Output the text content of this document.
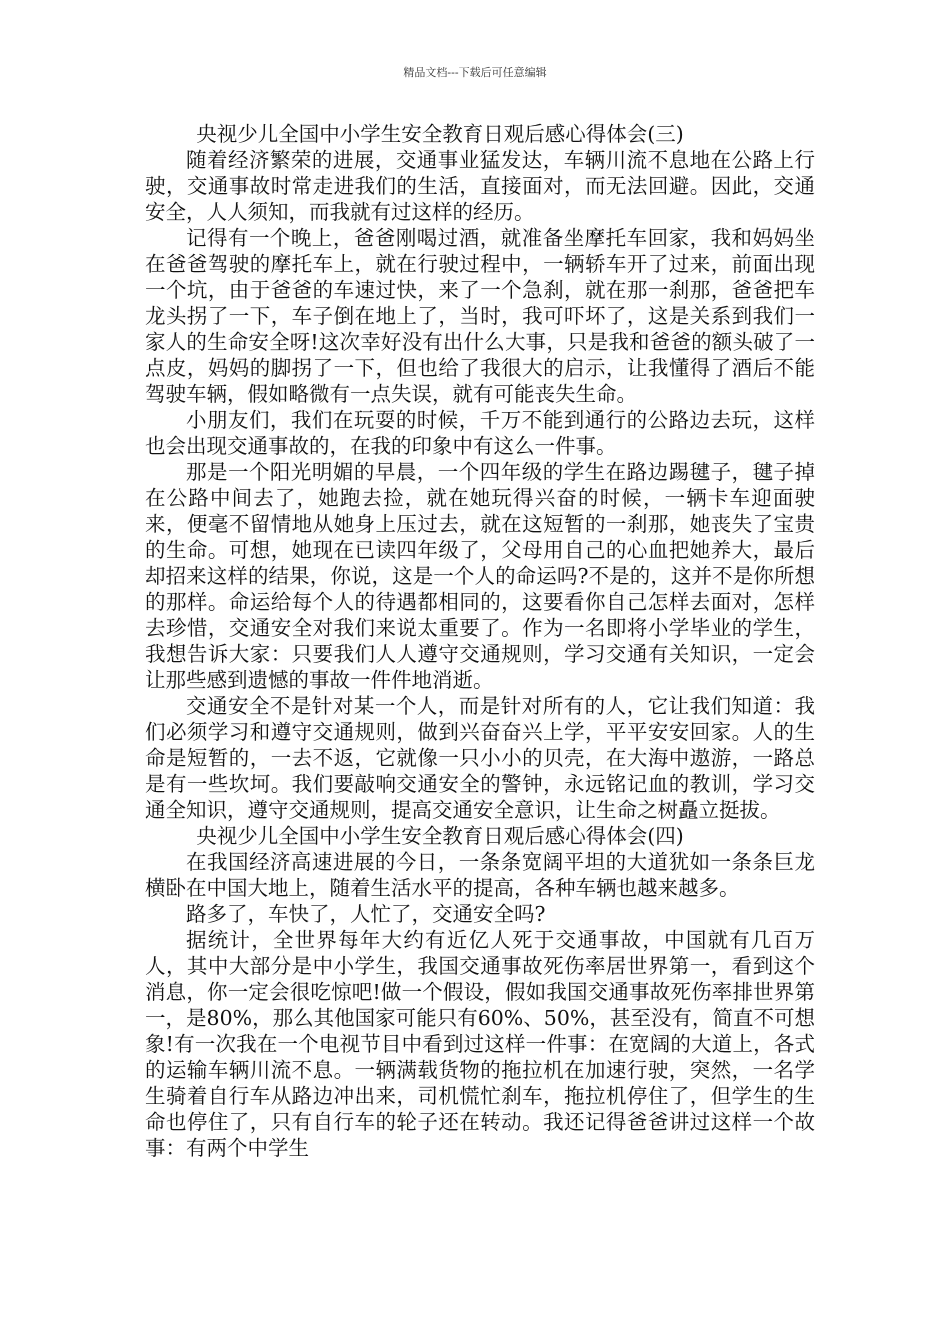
精品文档---下载后可任意编辑

央视少儿全国中小学生安全教育日观后感心得体会(三)

随着经济繁荣的进展，交通事业猛发达，车辆川流不息地在公路上行驶，交通事故时常走进我们的生活，直接面对，而无法回避。因此，交通安全，人人须知，而我就有过这样的经历。

记得有一个晚上，爸爸刚喝过酒，就准备坐摩托车回家，我和妈妈坐在爸爸驾驶的摩托车上，就在行驶过程中，一辆轿车开了过来，前面出现一个坑，由于爸爸的车速过快，来了一个急刹，就在那一刹那，爸爸把车龙头拐了一下，车子倒在地上了，当时，我可吓坏了，这是关系到我们一家人的生命安全呀!这次幸好没有出什么大事，只是我和爸爸的额头破了一点皮，妈妈的脚拐了一下，但也给了我很大的启示，让我懂得了酒后不能驾驶车辆，假如略微有一点失误，就有可能丧失生命。

小朋友们，我们在玩耍的时候，千万不能到通行的公路边去玩，这样也会出现交通事故的，在我的印象中有这么一件事。

那是一个阳光明媚的早晨，一个四年级的学生在路边踢毽子，毽子掉在公路中间去了，她跑去捡，就在她玩得兴奋的时候，一辆卡车迎面驶来，便毫不留情地从她身上压过去，就在这短暂的一刹那，她丧失了宝贵的生命。可想，她现在已读四年级了，父母用自己的心血把她养大，最后却招来这样的结果，你说，这是一个人的命运吗?不是的，这并不是你所想的那样。命运给每个人的待遇都相同的，这要看你自己怎样去面对，怎样去珍惜，交通安全对我们来说太重要了。作为一名即将小学毕业的学生，我想告诉大家：只要我们人人遵守交通规则，学习交通有关知识，一定会让那些感到遗憾的事故一件件地消逝。

交通安全不是针对某一个人，而是针对所有的人，它让我们知道：我们必须学习和遵守交通规则，做到兴奋奋兴上学，平平安安回家。人的生命是短暂的，一去不返，它就像一只小小的贝壳，在大海中遨游，一路总是有一些坎坷。我们要敲响交通安全的警钟，永远铭记血的教训，学习交通全知识，遵守交通规则，提高交通安全意识，让生命之树矗立挺拔。

央视少儿全国中小学生安全教育日观后感心得体会(四)

在我国经济高速进展的今日，一条条宽阔平坦的大道犹如一条条巨龙横卧在中国大地上，随着生活水平的提高，各种车辆也越来越多。

路多了，车快了，人忙了，交通安全吗?

据统计，全世界每年大约有近亿人死于交通事故，中国就有几百万人，其中大部分是中小学生，我国交通事故死伤率居世界第一，看到这个消息，你一定会很吃惊吧!做一个假设，假如我国交通事故死伤率排世界第一，是80%，那么其他国家可能只有60%、50%，甚至没有，简直不可想象!有一次我在一个电视节目中看到过这样一件事：在宽阔的大道上，各式的运输车辆川流不息。一辆满载货物的拖拉机在加速行驶，突然，一名学生骑着自行车从路边冲出来，司机慌忙刹车，拖拉机停住了，但学生的生命也停住了，只有自行车的轮子还在转动。我还记得爸爸讲过这样一个故事：有两个中学生
